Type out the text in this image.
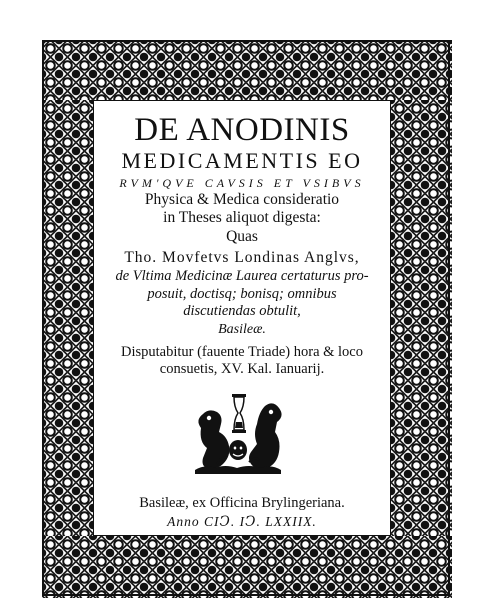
DE ANODINIS

MEDICAMENTIS EO

RVM'QVE CAVSIS ET VSIBVS

Physica & Medica consideratio

in Theses aliquot digesta:

Quas

Tho. Movfetvs Londinas Anglvs,

de Vltima Medicinæ Laurea certaturus pro-

posuit, doctisq; bonisq; omnibus

discutiendas obtulit,

Basileæ.

Disputabitur (fauente Triade) hora & loco

consuetis, XV. Kal. Ianuarij.

Basileæ, ex Officina Brylingeriana.

Anno CIↃ. IↃ. LXXIIX.
